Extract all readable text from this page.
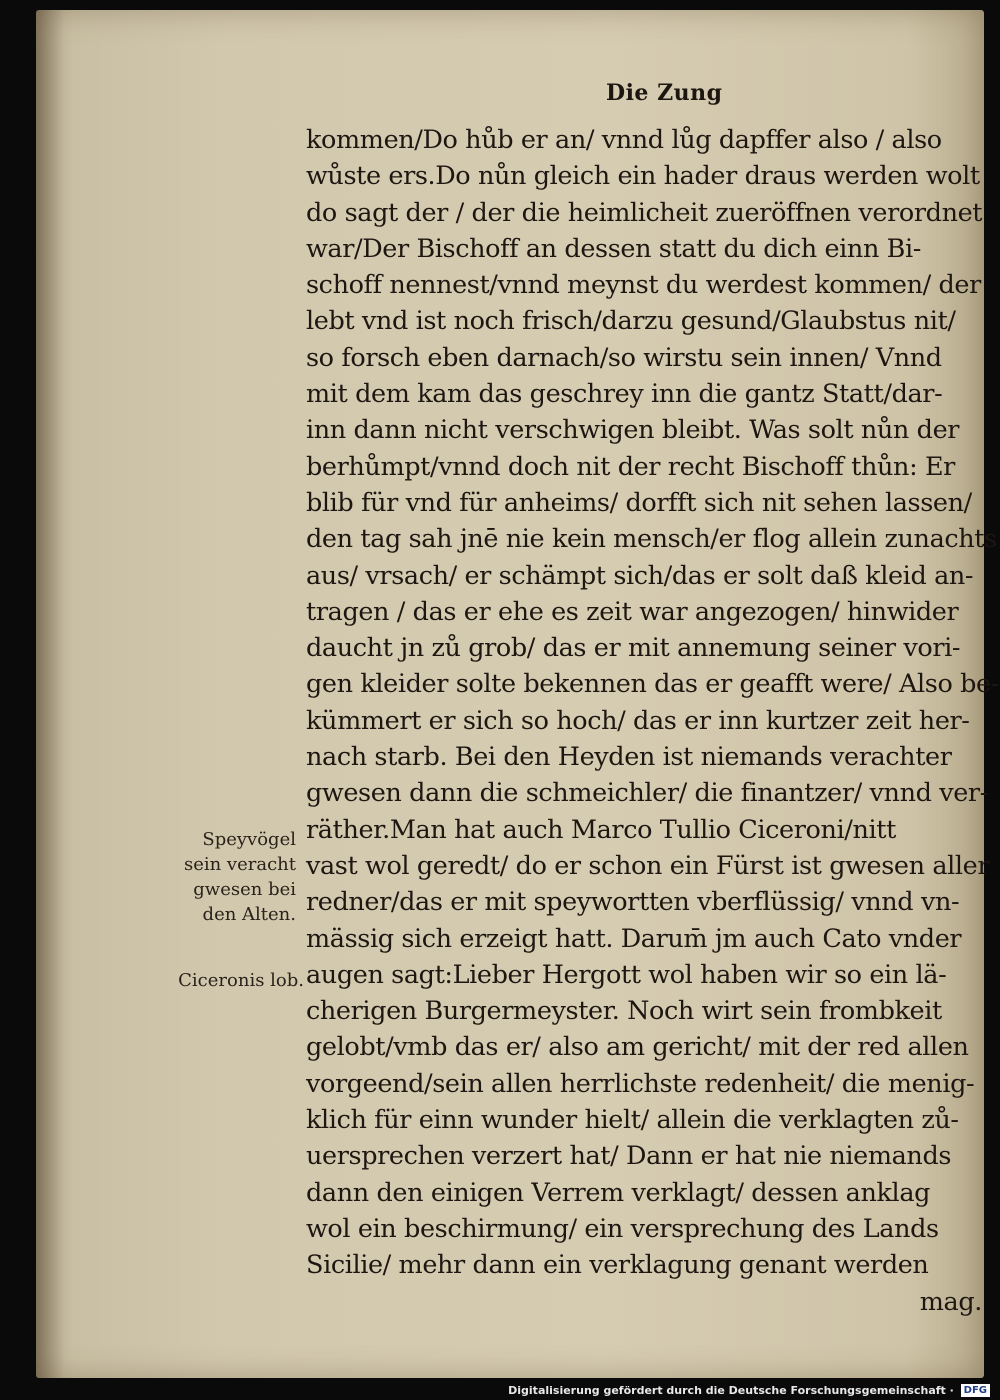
Die Zung
kommen/Do hůb er an/ vnnd lůg dapffer also / also
wůste ers.Do nůn gleich ein hader draus werden wolt
do sagt der / der die heimlicheit zueröffnen verordnet
war/Der Bischoff an dessen statt du dich einn Bi-
schoff nennest/vnnd meynst du werdest kommen/ der
lebt vnd ist noch frisch/darzu gesund/Glaubstus nit/
so forsch eben darnach/so wirstu sein innen/ Vnnd
mit dem kam das geschrey inn die gantz Statt/dar-
inn dann nicht verschwigen bleibt. Was solt nůn der
berhůmpt/vnnd doch nit der recht Bischoff thůn: Er
blib für vnd für anheims/ dorfft sich nit sehen lassen/
den tag sah jnē nie kein mensch/er flog allein zunachts
aus/ vrsach/ er schämpt sich/das er solt daß kleid an-
tragen / das er ehe es zeit war angezogen/ hinwider
daucht jn zů grob/ das er mit annemung seiner vori-
gen kleider solte bekennen das er geafft were/ Also be-
kümmert er sich so hoch/ das er inn kurtzer zeit her-
nach starb. Bei den Heyden ist niemands verachter
gwesen dann die schmeichler/ die finantzer/ vnnd ver-
räther.Man hat auch Marco Tullio Ciceroni/nitt
vast wol geredt/ do er schon ein Fürst ist gwesen aller
redner/das er mit speywortten vberflüssig/ vnnd vn-
mässig sich erzeigt hatt. Darum̄ jm auch Cato vnder
augen sagt:Lieber Hergott wol haben wir so ein lä-
cherigen Burgermeyster. Noch wirt sein frombkeit
gelobt/vmb das er/ also am gericht/ mit der red allen
vorgeend/sein allen herrlichste redenheit/ die menig-
klich für einn wunder hielt/ allein die verklagten zů-
uersprechen verzert hat/ Dann er hat nie niemands
dann den einigen Verrem verklagt/ dessen anklag
wol ein beschirmung/ ein versprechung des Lands
Sicilie/ mehr dann ein verklagung genant werden
mag.
Speyvögel
sein veracht
gwesen bei
den Alten.
Ciceronis lob.
Digitalisierung gefördert durch die Deutsche Forschungsgemeinschaft · DFG
